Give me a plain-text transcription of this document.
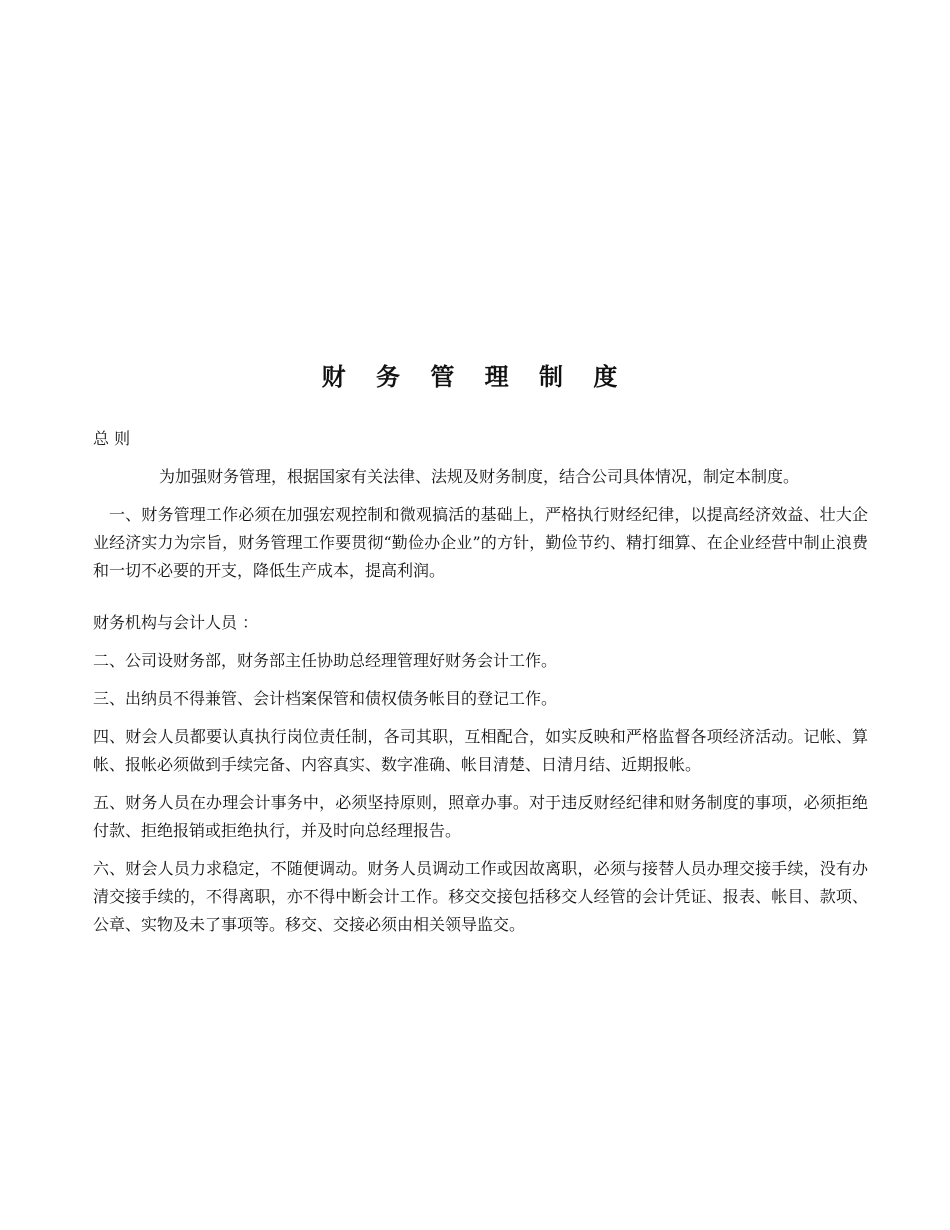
财 务 管 理 制 度
总 则

为加强财务管理，根据国家有关法律、法规及财务制度，结合公司具体情况，制定本制度。

一、财务管理工作必须在加强宏观控制和微观搞活的基础上，严格执行财经纪律，以提高经济效益、壮大企业经济实力为宗旨，财务管理工作要贯彻“勤俭办企业”的方针，勤俭节约、精打细算、在企业经营中制止浪费和一切不必要的开支，降低生产成本，提高利润。

财务机构与会计人员 ：

二、公司设财务部，财务部主任协助总经理管理好财务会计工作。

三、出纳员不得兼管、会计档案保管和债权债务帐目的登记工作。

四、财会人员都要认真执行岗位责任制，各司其职，互相配合，如实反映和严格监督各项经济活动。记帐、算帐、报帐必须做到手续完备、内容真实、数字准确、帐目清楚、日清月结、近期报帐。

五、财务人员在办理会计事务中，必须坚持原则，照章办事。对于违反财经纪律和财务制度的事项，必须拒绝付款、拒绝报销或拒绝执行，并及时向总经理报告。

六、财会人员力求稳定，不随便调动。财务人员调动工作或因故离职，必须与接替人员办理交接手续，没有办清交接手续的，不得离职，亦不得中断会计工作。移交交接包括移交人经管的会计凭证、报表、帐目、款项、公章、实物及未了事项等。移交、交接必须由相关领导监交。
